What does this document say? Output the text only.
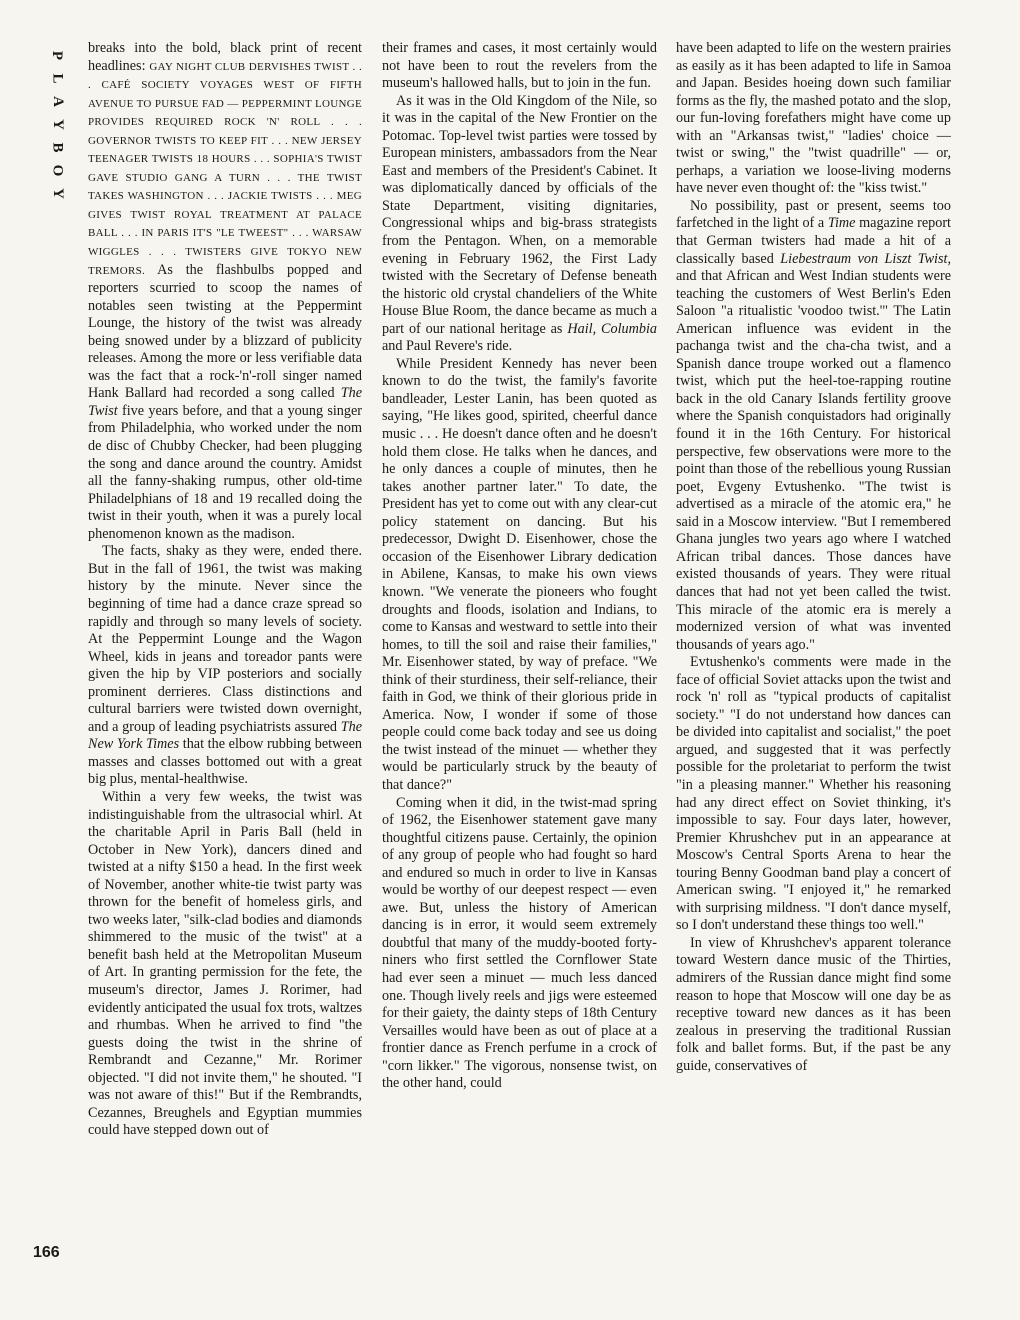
P
L
A
Y
B
O
Y
166

breaks into the bold, black print of recent headlines: GAY NIGHT CLUB DERVISHES TWIST . . . CAFÉ SOCIETY VOYAGES WEST OF FIFTH AVENUE TO PURSUE FAD — PEPPERMINT LOUNGE PROVIDES REQUIRED ROCK 'N' ROLL . . . GOVERNOR TWISTS TO KEEP FIT . . . NEW JERSEY TEENAGER TWISTS 18 HOURS . . . SOPHIA'S TWIST GAVE STUDIO GANG A TURN . . . THE TWIST TAKES WASHINGTON . . . JACKIE TWISTS . . . MEG GIVES TWIST ROYAL TREATMENT AT PALACE BALL . . . IN PARIS IT'S "LE TWEEST" . . . WARSAW WIGGLES . . . TWISTERS GIVE TOKYO NEW TREMORS. As the flashbulbs popped and reporters scurried to scoop the names of notables seen twisting at the Peppermint Lounge, the history of the twist was already being snowed under by a blizzard of publicity releases. Among the more or less verifiable data was the fact that a rock-'n'-roll singer named Hank Ballard had recorded a song called The Twist five years before, and that a young singer from Philadelphia, who worked under the nom de disc of Chubby Checker, had been plugging the song and dance around the country. Amidst all the fanny-shaking rumpus, other old-time Philadelphians of 18 and 19 recalled doing the twist in their youth, when it was a purely local phenomenon known as the madison.

The facts, shaky as they were, ended there. But in the fall of 1961, the twist was making history by the minute. Never since the beginning of time had a dance craze spread so rapidly and through so many levels of society. At the Peppermint Lounge and the Wagon Wheel, kids in jeans and toreador pants were given the hip by VIP posteriors and socially prominent derrieres. Class distinctions and cultural barriers were twisted down overnight, and a group of leading psychiatrists assured The New York Times that the elbow rubbing between masses and classes bottomed out with a great big plus, mental-healthwise.

Within a very few weeks, the twist was indistinguishable from the ultrasocial whirl. At the charitable April in Paris Ball (held in October in New York), dancers dined and twisted at a nifty $150 a head. In the first week of November, another white-tie twist party was thrown for the benefit of homeless girls, and two weeks later, "silk-clad bodies and diamonds shimmered to the music of the twist" at a benefit bash held at the Metropolitan Museum of Art. In granting permission for the fete, the museum's director, James J. Rorimer, had evidently anticipated the usual fox trots, waltzes and rhumbas. When he arrived to find "the guests doing the twist in the shrine of Rembrandt and Cezanne," Mr. Rorimer objected. "I did not invite them," he shouted. "I was not aware of this!" But if the Rembrandts, Cezannes, Breughels and Egyptian mummies could have stepped down out of

their frames and cases, it most certainly would not have been to rout the revelers from the museum's hallowed halls, but to join in the fun.

As it was in the Old Kingdom of the Nile, so it was in the capital of the New Frontier on the Potomac. Top-level twist parties were tossed by European ministers, ambassadors from the Near East and members of the President's Cabinet. It was diplomatically danced by officials of the State Department, visiting dignitaries, Congressional whips and big-brass strategists from the Pentagon. When, on a memorable evening in February 1962, the First Lady twisted with the Secretary of Defense beneath the historic old crystal chandeliers of the White House Blue Room, the dance became as much a part of our national heritage as Hail, Columbia and Paul Revere's ride.

While President Kennedy has never been known to do the twist, the family's favorite bandleader, Lester Lanin, has been quoted as saying, "He likes good, spirited, cheerful dance music . . . He doesn't dance often and he doesn't hold them close. He talks when he dances, and he only dances a couple of minutes, then he takes another partner later." To date, the President has yet to come out with any clear-cut policy statement on dancing. But his predecessor, Dwight D. Eisenhower, chose the occasion of the Eisenhower Library dedication in Abilene, Kansas, to make his own views known. "We venerate the pioneers who fought droughts and floods, isolation and Indians, to come to Kansas and westward to settle into their homes, to till the soil and raise their families," Mr. Eisenhower stated, by way of preface. "We think of their sturdiness, their self-reliance, their faith in God, we think of their glorious pride in America. Now, I wonder if some of those people could come back today and see us doing the twist instead of the minuet — whether they would be particularly struck by the beauty of that dance?"

Coming when it did, in the twist-mad spring of 1962, the Eisenhower statement gave many thoughtful citizens pause. Certainly, the opinion of any group of people who had fought so hard and endured so much in order to live in Kansas would be worthy of our deepest respect — even awe. But, unless the history of American dancing is in error, it would seem extremely doubtful that many of the muddy-booted forty-niners who first settled the Cornflower State had ever seen a minuet — much less danced one. Though lively reels and jigs were esteemed for their gaiety, the dainty steps of 18th Century Versailles would have been as out of place at a frontier dance as French perfume in a crock of "corn likker." The vigorous, nonsense twist, on the other hand, could

have been adapted to life on the western prairies as easily as it has been adapted to life in Samoa and Japan. Besides hoeing down such familiar forms as the fly, the mashed potato and the slop, our fun-loving forefathers might have come up with an "Arkansas twist," "ladies' choice — twist or swing," the "twist quadrille" — or, perhaps, a variation we loose-living moderns have never even thought of: the "kiss twist."

No possibility, past or present, seems too farfetched in the light of a Time magazine report that German twisters had made a hit of a classically based Liebestraum von Liszt Twist, and that African and West Indian students were teaching the customers of West Berlin's Eden Saloon "a ritualistic 'voodoo twist.'" The Latin American influence was evident in the pachanga twist and the cha-cha twist, and a Spanish dance troupe worked out a flamenco twist, which put the heel-toe-rapping routine back in the old Canary Islands fertility groove where the Spanish conquistadors had originally found it in the 16th Century. For historical perspective, few observations were more to the point than those of the rebellious young Russian poet, Evgeny Evtushenko. "The twist is advertised as a miracle of the atomic era," he said in a Moscow interview. "But I remembered Ghana jungles two years ago where I watched African tribal dances. Those dances have existed thousands of years. They were ritual dances that had not yet been called the twist. This miracle of the atomic era is merely a modernized version of what was invented thousands of years ago."

Evtushenko's comments were made in the face of official Soviet attacks upon the twist and rock 'n' roll as "typical products of capitalist society." "I do not understand how dances can be divided into capitalist and socialist," the poet argued, and suggested that it was perfectly possible for the proletariat to perform the twist "in a pleasing manner." Whether his reasoning had any direct effect on Soviet thinking, it's impossible to say. Four days later, however, Premier Khrushchev put in an appearance at Moscow's Central Sports Arena to hear the touring Benny Goodman band play a concert of American swing. "I enjoyed it," he remarked with surprising mildness. "I don't dance myself, so I don't understand these things too well."

In view of Khrushchev's apparent tolerance toward Western dance music of the Thirties, admirers of the Russian dance might find some reason to hope that Moscow will one day be as receptive toward new dances as it has been zealous in preserving the traditional Russian folk and ballet forms. But, if the past be any guide, conservatives of
